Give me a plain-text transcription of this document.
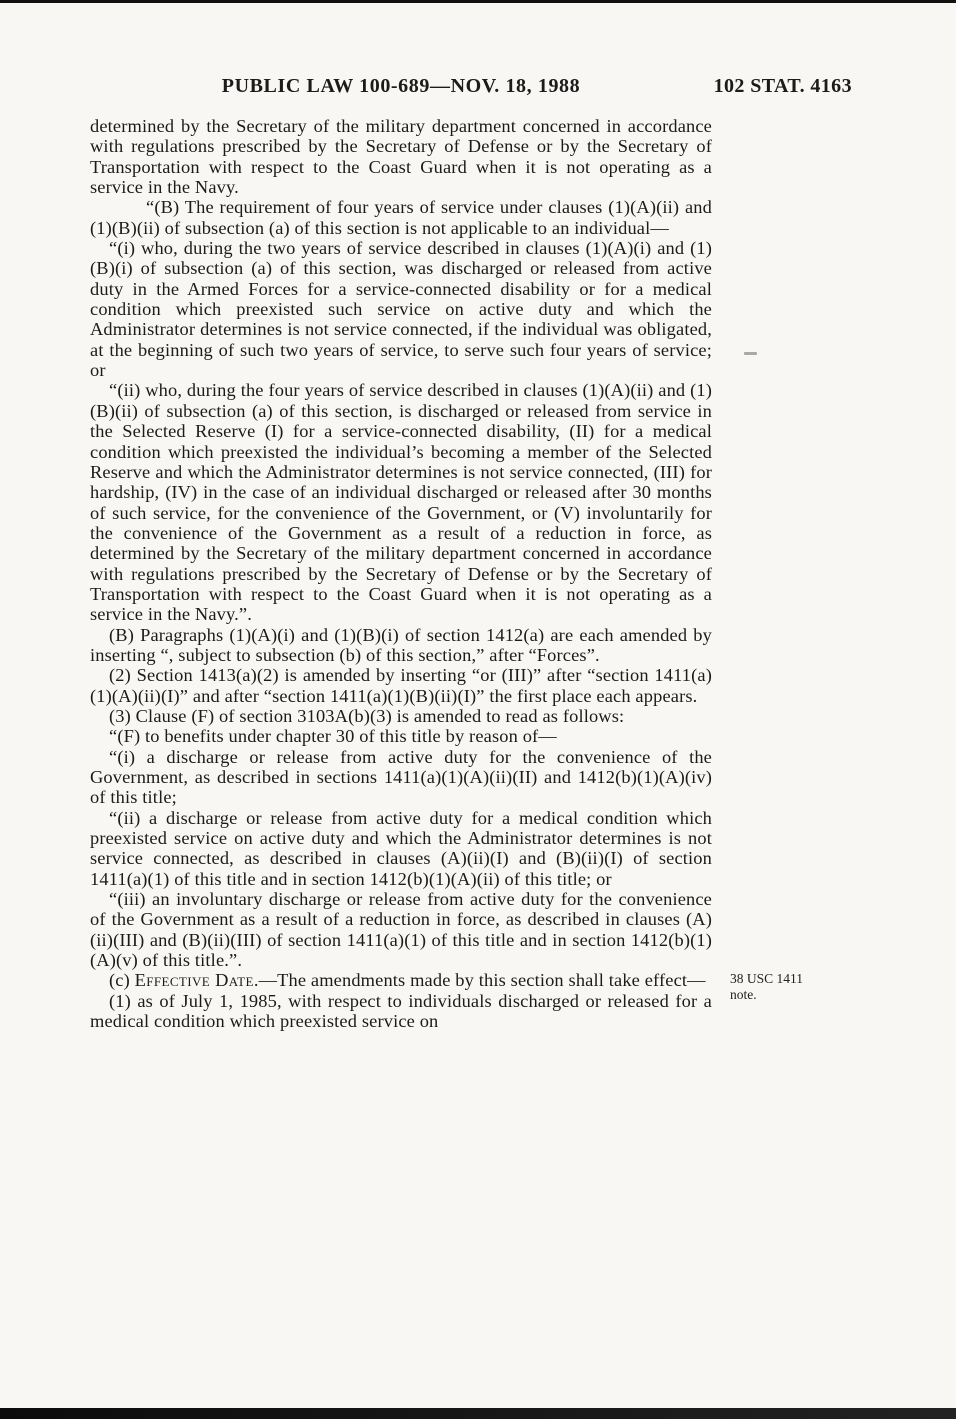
PUBLIC LAW 100-689—NOV. 18, 1988	102 STAT. 4163

determined by the Secretary of the military department concerned in accordance with regulations prescribed by the Secretary of Defense or by the Secretary of Transportation with respect to the Coast Guard when it is not operating as a service in the Navy.

“(B) The requirement of four years of service under clauses (1)(A)(ii) and (1)(B)(ii) of subsection (a) of this section is not applicable to an individual—

“(i) who, during the two years of service described in clauses (1)(A)(i) and (1)(B)(i) of subsection (a) of this section, was discharged or released from active duty in the Armed Forces for a service-connected disability or for a medical condition which preexisted such service on active duty and which the Administrator determines is not service connected, if the individual was obligated, at the beginning of such two years of service, to serve such four years of service; or

“(ii) who, during the four years of service described in clauses (1)(A)(ii) and (1)(B)(ii) of subsection (a) of this section, is discharged or released from service in the Selected Reserve (I) for a service-connected disability, (II) for a medical condition which preexisted the individual’s becoming a member of the Selected Reserve and which the Administrator determines is not service connected, (III) for hardship, (IV) in the case of an individual discharged or released after 30 months of such service, for the convenience of the Government, or (V) involuntarily for the convenience of the Government as a result of a reduction in force, as determined by the Secretary of the military department concerned in accordance with regulations prescribed by the Secretary of Defense or by the Secretary of Transportation with respect to the Coast Guard when it is not operating as a service in the Navy.”.

(B) Paragraphs (1)(A)(i) and (1)(B)(i) of section 1412(a) are each amended by inserting “, subject to subsection (b) of this section,” after “Forces”.

(2) Section 1413(a)(2) is amended by inserting “or (III)” after “section 1411(a)(1)(A)(ii)(I)” and after “section 1411(a)(1)(B)(ii)(I)” the first place each appears.

(3) Clause (F) of section 3103A(b)(3) is amended to read as follows:

“(F) to benefits under chapter 30 of this title by reason of—

“(i) a discharge or release from active duty for the convenience of the Government, as described in sections 1411(a)(1)(A)(ii)(II) and 1412(b)(1)(A)(iv) of this title;

“(ii) a discharge or release from active duty for a medical condition which preexisted service on active duty and which the Administrator determines is not service connected, as described in clauses (A)(ii)(I) and (B)(ii)(I) of section 1411(a)(1) of this title and in section 1412(b)(1)(A)(ii) of this title; or

“(iii) an involuntary discharge or release from active duty for the convenience of the Government as a result of a reduction in force, as described in clauses (A)(ii)(III) and (B)(ii)(III) of section 1411(a)(1) of this title and in section 1412(b)(1)(A)(v) of this title.”.

(c) Effective Date.—The amendments made by this section shall take effect— 38 USC 1411
note.

(1) as of July 1, 1985, with respect to individuals discharged or released for a medical condition which preexisted service on
